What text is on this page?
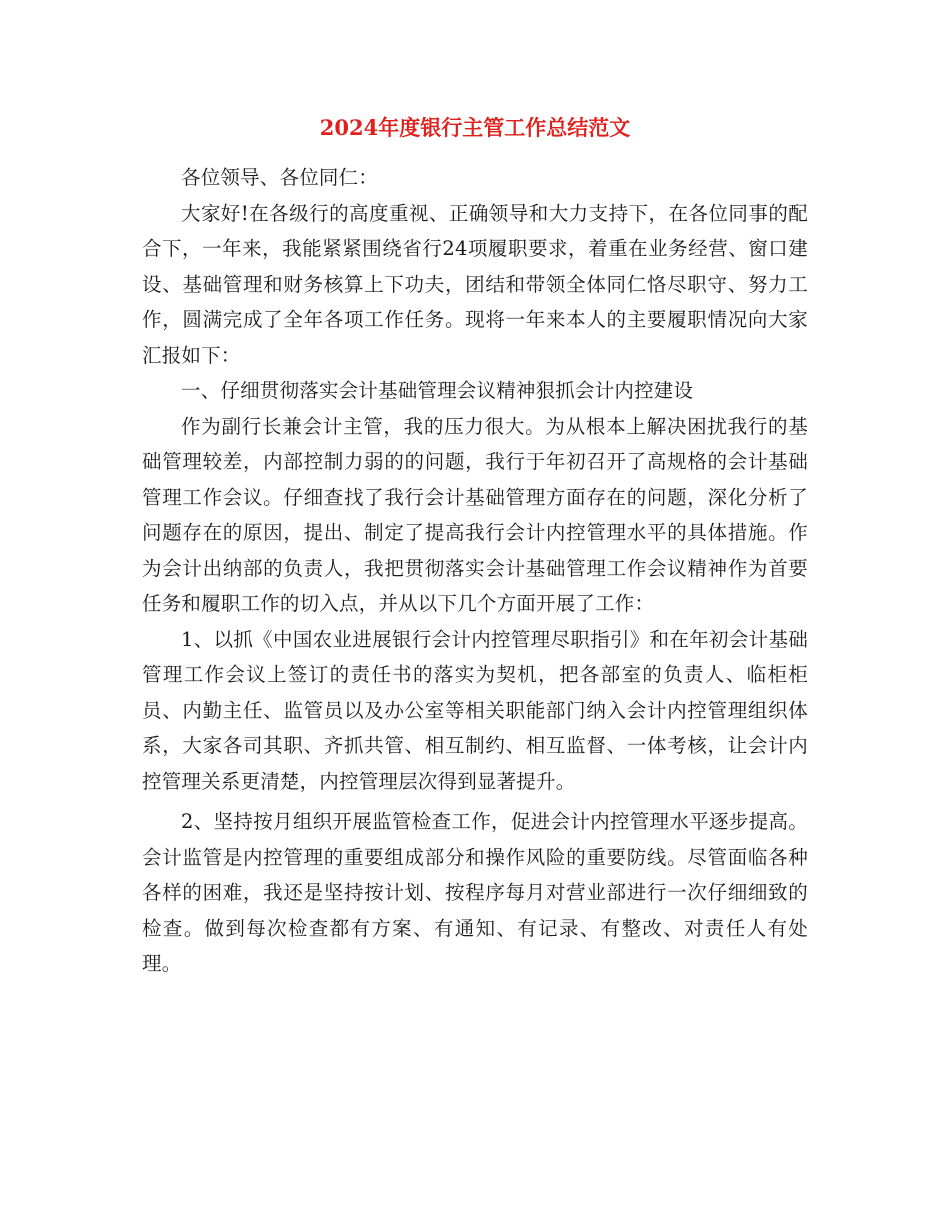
2024年度银行主管工作总结范文

各位领导、各位同仁：

大家好!在各级行的高度重视、正确领导和大力支持下，在各位同事的配合下，一年来，我能紧紧围绕省行24项履职要求，着重在业务经营、窗口建设、基础管理和财务核算上下功夫，团结和带领全体同仁恪尽职守、努力工作，圆满完成了全年各项工作任务。现将一年来本人的主要履职情况向大家汇报如下：

一、仔细贯彻落实会计基础管理会议精神狠抓会计内控建设

作为副行长兼会计主管，我的压力很大。为从根本上解决困扰我行的基础管理较差，内部控制力弱的的问题，我行于年初召开了高规格的会计基础管理工作会议。仔细查找了我行会计基础管理方面存在的问题，深化分析了问题存在的原因，提出、制定了提高我行会计内控管理水平的具体措施。作为会计出纳部的负责人，我把贯彻落实会计基础管理工作会议精神作为首要任务和履职工作的切入点，并从以下几个方面开展了工作：

1、以抓《中国农业进展银行会计内控管理尽职指引》和在年初会计基础管理工作会议上签订的责任书的落实为契机，把各部室的负责人、临柜柜员、内勤主任、监管员以及办公室等相关职能部门纳入会计内控管理组织体系，大家各司其职、齐抓共管、相互制约、相互监督、一体考核，让会计内控管理关系更清楚，内控管理层次得到显著提升。

2、坚持按月组织开展监管检查工作，促进会计内控管理水平逐步提高。会计监管是内控管理的重要组成部分和操作风险的重要防线。尽管面临各种各样的困难，我还是坚持按计划、按程序每月对营业部进行一次仔细细致的检查。做到每次检查都有方案、有通知、有记录、有整改、对责任人有处理。
